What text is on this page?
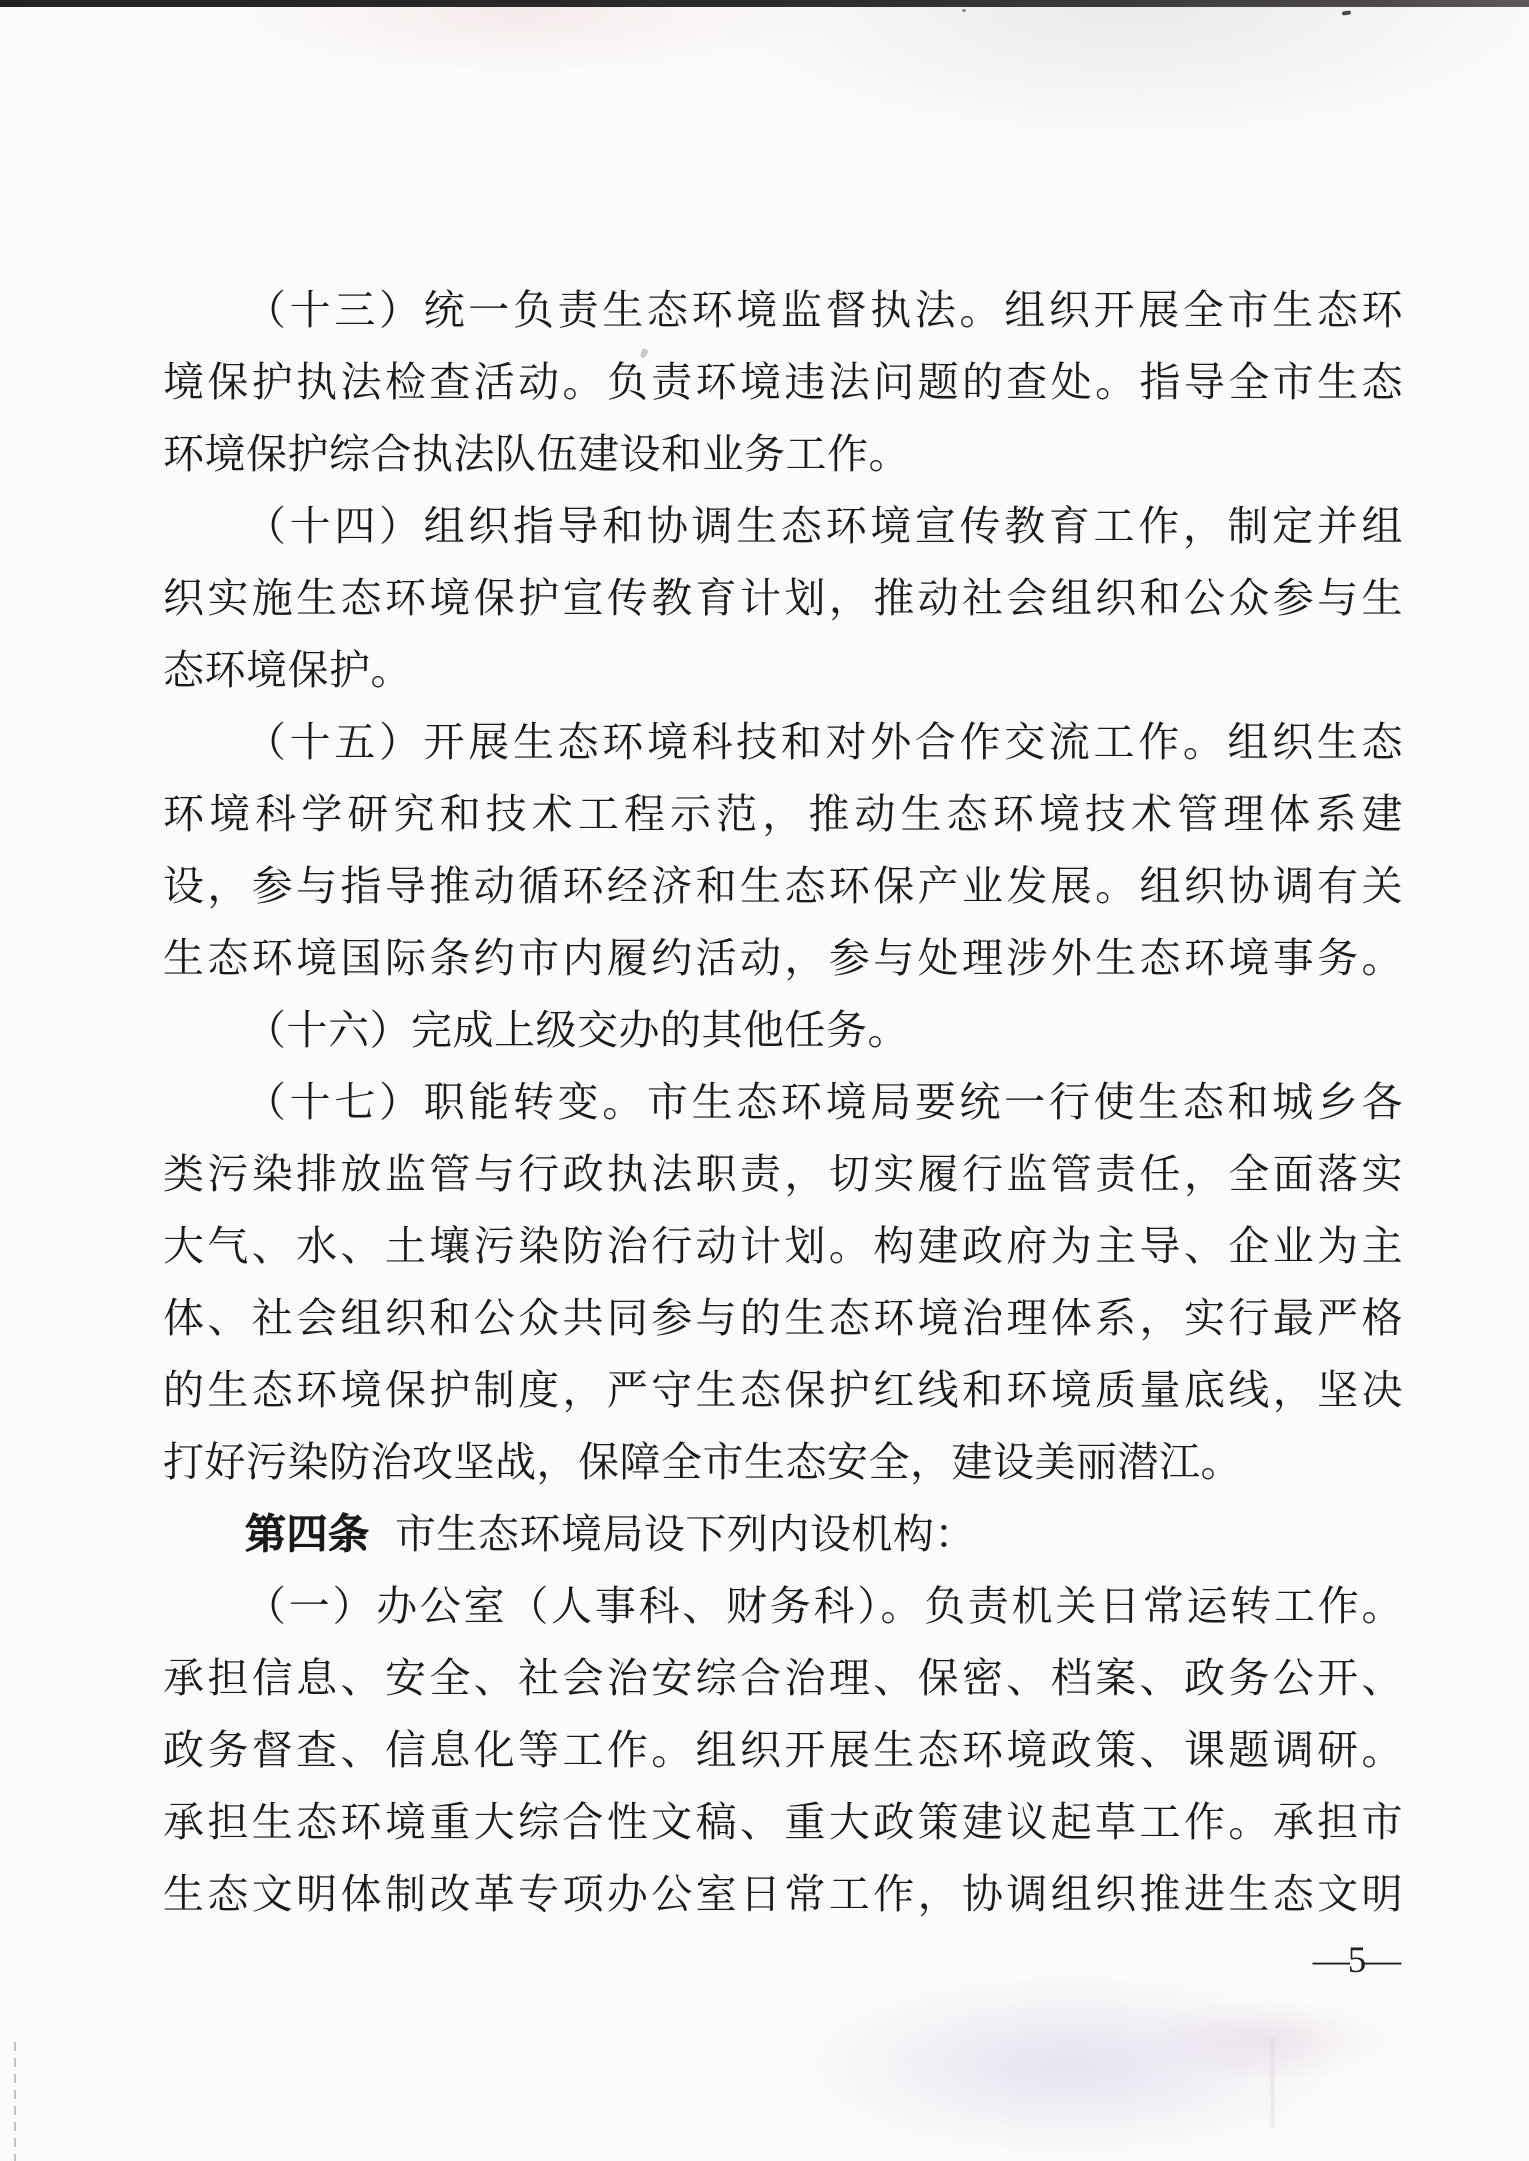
（十三）统一负责生态环境监督执法。组织开展全市生态环
境保护执法检查活动。负责环境违法问题的查处。指导全市生态
环境保护综合执法队伍建设和业务工作。
（十四）组织指导和协调生态环境宣传教育工作，制定并组
织实施生态环境保护宣传教育计划，推动社会组织和公众参与生
态环境保护。
（十五）开展生态环境科技和对外合作交流工作。组织生态
环境科学研究和技术工程示范，推动生态环境技术管理体系建
设，参与指导推动循环经济和生态环保产业发展。组织协调有关
生态环境国际条约市内履约活动，参与处理涉外生态环境事务。
（十六）完成上级交办的其他任务。
（十七）职能转变。市生态环境局要统一行使生态和城乡各
类污染排放监管与行政执法职责，切实履行监管责任，全面落实
大气、水、土壤污染防治行动计划。构建政府为主导、企业为主
体、社会组织和公众共同参与的生态环境治理体系，实行最严格
的生态环境保护制度，严守生态保护红线和环境质量底线，坚决
打好污染防治攻坚战，保障全市生态安全，建设美丽潜江。
第四条 市生态环境局设下列内设机构：
（一）办公室（人事科、财务科）。负责机关日常运转工作。
承担信息、安全、社会治安综合治理、保密、档案、政务公开、
政务督查、信息化等工作。组织开展生态环境政策、课题调研。
承担生态环境重大综合性文稿、重大政策建议起草工作。承担市
生态文明体制改革专项办公室日常工作，协调组织推进生态文明
—5—
